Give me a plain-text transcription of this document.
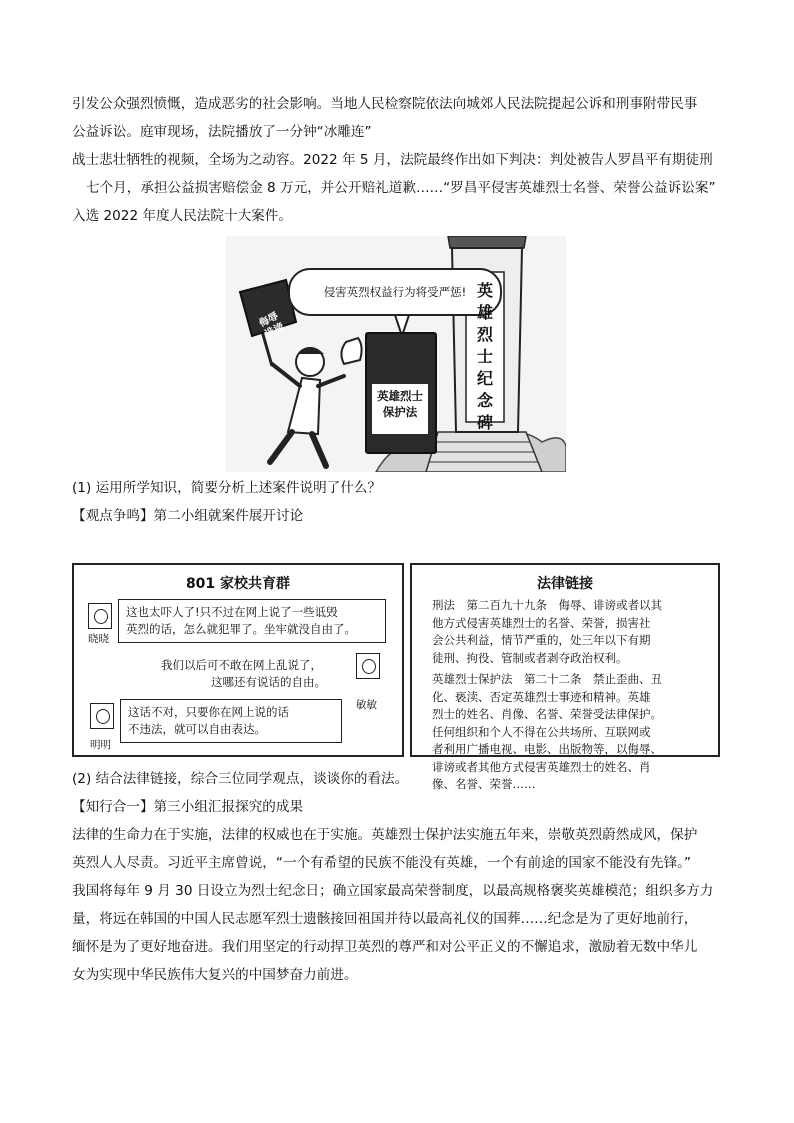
引发公众强烈愤慨，造成恶劣的社会影响。当地人民检察院依法向城郊人民法院提起公诉和刑事附带民事
公益诉讼。庭审现场，法院播放了一分钟“冰雕连”
战士悲壮牺牲的视频，全场为之动容。2022 年 5 月，法院最终作出如下判决：判处被告人罗昌平有期徒刑
七个月，承担公益损害赔偿金 8 万元，并公开赔礼道歉……“罗昌平侵害英雄烈士名誉、荣誉公益诉讼案”
入选 2022 年度人民法院十大案件。
侵害英烈权益行为将受严惩!
英雄烈士保护法
英雄烈士纪念碑
侮辱诽谤
(1) 运用所学知识，简要分析上述案件说明了什么？
【观点争鸣】第二小组就案件展开讨论
801 家校共育群
晓晓
这也太吓人了!只不过在网上说了一些诋毁
英烈的话，怎么就犯罪了。坐牢就没自由了。
我们以后可不敢在网上乱说了，
这哪还有说话的自由。
敏敏
明明
这话不对，只要你在网上说的话
不违法，就可以自由表达。
法律链接
刑法　第二百九十九条　侮辱、诽谤或者以其
他方式侵害英雄烈士的名誉、荣誉，损害社
会公共利益，情节严重的，处三年以下有期
徒刑、拘役、管制或者剥夺政治权利。
英雄烈士保护法　第二十二条　禁止歪曲、丑
化、亵渎、否定英雄烈士事迹和精神。英雄
烈士的姓名、肖像、名誉、荣誉受法律保护。
任何组织和个人不得在公共场所、互联网或
者利用广播电视、电影、出版物等，以侮辱、
诽谤或者其他方式侵害英雄烈士的姓名、肖
像、名誉、荣誉……
(2) 结合法律链接，综合三位同学观点，谈谈你的看法。
【知行合一】第三小组汇报探究的成果
法律的生命力在于实施，法律的权威也在于实施。英雄烈士保护法实施五年来，崇敬英烈蔚然成风，保护
英烈人人尽责。习近平主席曾说，“一个有希望的民族不能没有英雄，一个有前途的国家不能没有先锋。”
我国将每年 9 月 30 日设立为烈士纪念日；确立国家最高荣誉制度，以最高规格褒奖英雄模范；组织多方力
量，将远在韩国的中国人民志愿军烈士遗骸接回祖国并待以最高礼仪的国葬……纪念是为了更好地前行，
缅怀是为了更好地奋进。我们用坚定的行动捍卫英烈的尊严和对公平正义的不懈追求，激励着无数中华儿
女为实现中华民族伟大复兴的中国梦奋力前进。
